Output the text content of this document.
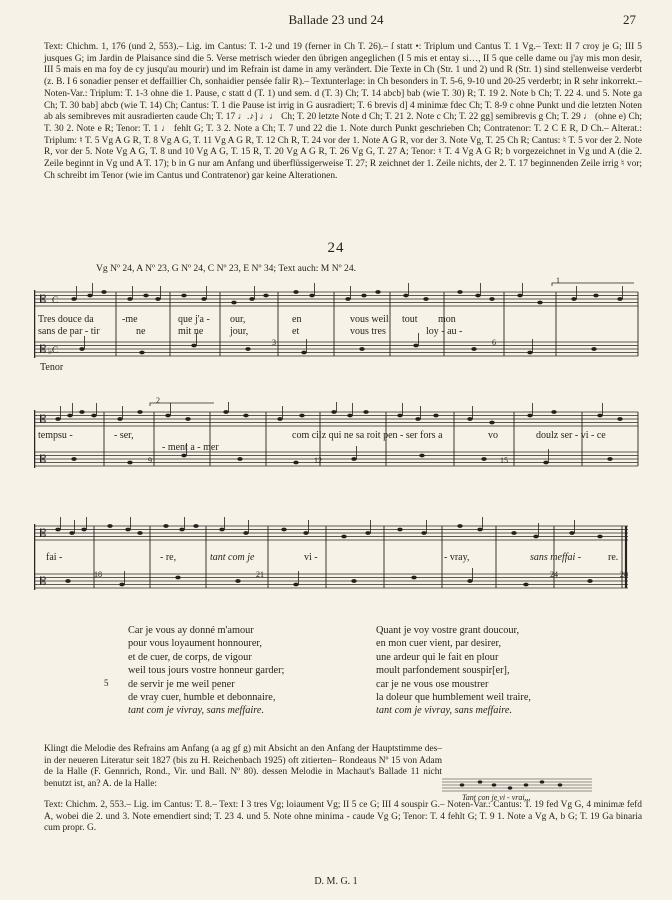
Ballade 23 und 24	27

Text: Chichm. 1, 176 (und 2, 553).– Lig. im Cantus: T. 1-2 und 19 (ferner in Ch T. 26).– ſ statt •: Triplum und Cantus T. 1 Vg.– Text: II 7 croy je G; III 5 jusques G; im Jardin de Plaisance sind die 5. Verse metrisch wieder den übrigen angeglichen (I 5 mis et entay si…, II 5 que celle dame ou j'ay mis mon desir, III 5 mais en ma foy de cy jusqu'au mourir) und im Refrain ist dame in amy verändert. Die Texte in Ch (Str. 1 und 2) und R (Str. 1) sind stellenweise verderbt (z. B. I 6 sonadier penser et deffaillier Ch, sonhaidier pensée falir R).– Textunterlage: in Ch besonders in T. 5-6, 9-10 und 20-25 verderbt; in R sehr inkorrekt.– Noten-Var.: Triplum: T. 1-3 ohne die 1. Pause, c statt d (T. 1) und sem. d (T. 3) Ch; T. 14 abcb] bab (wie T. 30) R; T. 19 2. Note b Ch; T. 22 4. und 5. Note ga Ch; T. 30 bab] abcb (wie T. 14) Ch; Cantus: T. 1 die Pause ist irrig in G ausradiert; T. 6 brevis d] 4 minimæ fdec Ch; T. 8-9 c ohne Punkt und die letzten Noten ab als semibreves mit ausradierten caude Ch; T. 17 ♩.♪] ♩♩ Ch; T. 20 letzte Note d Ch; T. 21 2. Note c Ch; T. 22 gg] semibrevis g Ch; T. 29 ♩ (ohne e) Ch; T. 30 2. Note e R; Tenor: T. 1 ♩ fehlt G; T. 3 2. Note a Ch; T. 7 und 22 die 1. Note durch Punkt geschrieben Ch; Contratenor: T. 2 C E R, D Ch.– Alterat.: Triplum: ♮ T. 5 Vg A G R, T. 8 Vg A G, T. 11 Vg A G R, T. 12 Ch R, T. 24 vor der 1. Note A G R, vor der 3. Note Vg, T. 25 Ch R; Cantus: ♮ T. 5 vor der 2. Note R, vor der 5. Note Vg A G, T. 8 und 10 Vg A G, T. 15 R, T. 20 Vg A G R, T. 26 Vg G, T. 27 A; Tenor: ♮ T. 4 Vg A G R; b vorgezeichnet in Vg und A (die 2. Zeile beginnt in Vg und A T. 17); b in G nur am Anfang und überflüssigerweise T. 27; R zeichnet der 1. Zeile nichts, der 2. T. 17 beginnenden Zeile irrig ♮ vor; Ch schreibt im Tenor (wie im Cantus und Contratenor) gar keine Alterationen.

24
Vg Nº 24, A Nº 23, G Nº 24, C Nº 23, E Nº 34; Text auch: M Nº 24.
𝄡
𝄡
C
C
♭
Tres douce da	-me	que j'a - our,	en	vous weil tout mon
sans de par - tir	ne	mit ne	jour,	et	vous tres	loy - au -
3	6
1
Tenor
𝄡
𝄡
tempsu -	- ser,	com cilz qui ne sa roit pen - ser fors a	vo	doulz ser - vi - ce
- ment a - mer
9	12	15
2
𝄡
𝄡
fai -	- re,	tant com je	vi -	- vray,	sans meffai -	re.
18	21	24	28
Car je vous ay donné m'amour
pour vous loyaument honnourer,
et de cuer, de corps, de vigour
weil tous jours vostre honneur garder;
de servir je me weil pener
de vray cuer, humble et debonnaire,
tant com je vivray, sans meffaire.
5
Quant je voy vostre grant doucour,
en mon cuer vient, par desirer,
une ardeur qui le fait en plour
moult parfondement souspir[er],
car je ne vous ose moustrer
la doleur que humblement weil traire,
tant com je vivray, sans meffaire.

Klingt die Melodie des Refrains am Anfang (a ag gf g) mit Absicht an den Anfang der Hauptstimme des– in der neueren Literatur seit 1827 (bis zu H. Reichenbach 1925) oft zitierten– Rondeaus Nº 15 von Adam de la Halle (F. Gennrich, Rond., Vir. und Ball. Nº 80). dessen Melodie in Machaut's Ballade 11 nicht benutzt ist, an? A. de la Halle:

Tant con je vi - vrai...

Text: Chichm. 2, 553.– Lig. im Cantus: T. 8.– Text: I 3 tres Vg; loiaument Vg; II 5 ce G; III 4 souspir G.– Noten-Var.: Cantus: T. 19 fed Vg G, 4 minimæ fefd A, wobei die 2. und 3. Note emendiert sind; T. 23 4. und 5. Note ohne minima - caude Vg G; Tenor: T. 4 fehlt G; T. 9 1. Note a Vg A, b G; T. 19 Ga binaria cum propr. G.

D. M. G. 1
